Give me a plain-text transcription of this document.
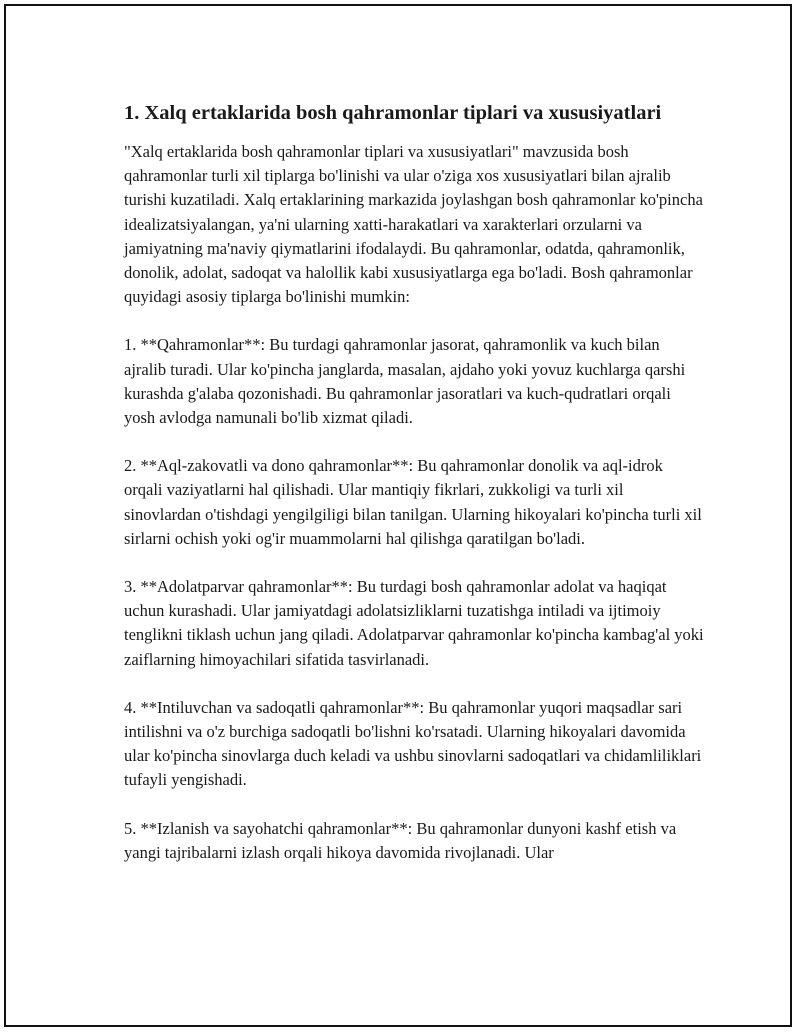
1. Xalq ertaklarida bosh qahramonlar tiplari va xususiyatlari

"Xalq ertaklarida bosh qahramonlar tiplari va xususiyatlari" mavzusida bosh qahramonlar turli xil tiplarga bo'linishi va ular o'ziga xos xususiyatlari bilan ajralib turishi kuzatiladi. Xalq ertaklarining markazida joylashgan bosh qahramonlar ko'pincha idealizatsiyalangan, ya'ni ularning xatti-harakatlari va xarakterlari orzularni va jamiyatning ma'naviy qiymatlarini ifodalaydi. Bu qahramonlar, odatda, qahramonlik, donolik, adolat, sadoqat va halollik kabi xususiyatlarga ega bo'ladi. Bosh qahramonlar quyidagi asosiy tiplarga bo'linishi mumkin:

1. **Qahramonlar**: Bu turdagi qahramonlar jasorat, qahramonlik va kuch bilan ajralib turadi. Ular ko'pincha janglarda, masalan, ajdaho yoki yovuz kuchlarga qarshi kurashda g'alaba qozonishadi. Bu qahramonlar jasoratlari va kuch-qudratlari orqali yosh avlodga namunali bo'lib xizmat qiladi.

2. **Aql-zakovatli va dono qahramonlar**: Bu qahramonlar donolik va aql-idrok orqali vaziyatlarni hal qilishadi. Ular mantiqiy fikrlari, zukkoligi va turli xil sinovlardan o'tishdagi yengilgiligi bilan tanilgan. Ularning hikoyalari ko'pincha turli xil sirlarni ochish yoki og'ir muammolarni hal qilishga qaratilgan bo'ladi.

3. **Adolatparvar qahramonlar**: Bu turdagi bosh qahramonlar adolat va haqiqat uchun kurashadi. Ular jamiyatdagi adolatsizliklarni tuzatishga intiladi va ijtimoiy tenglikni tiklash uchun jang qiladi. Adolatparvar qahramonlar ko'pincha kambag'al yoki zaiflarning himoyachilari sifatida tasvirlanadi.

4. **Intiluvchan va sadoqatli qahramonlar**: Bu qahramonlar yuqori maqsadlar sari intilishni va o'z burchiga sadoqatli bo'lishni ko'rsatadi. Ularning hikoyalari davomida ular ko'pincha sinovlarga duch keladi va ushbu sinovlarni sadoqatlari va chidamliliklari tufayli yengishadi.

5. **Izlanish va sayohatchi qahramonlar**: Bu qahramonlar dunyoni kashf etish va yangi tajribalarni izlash orqali hikoya davomida rivojlanadi. Ular
